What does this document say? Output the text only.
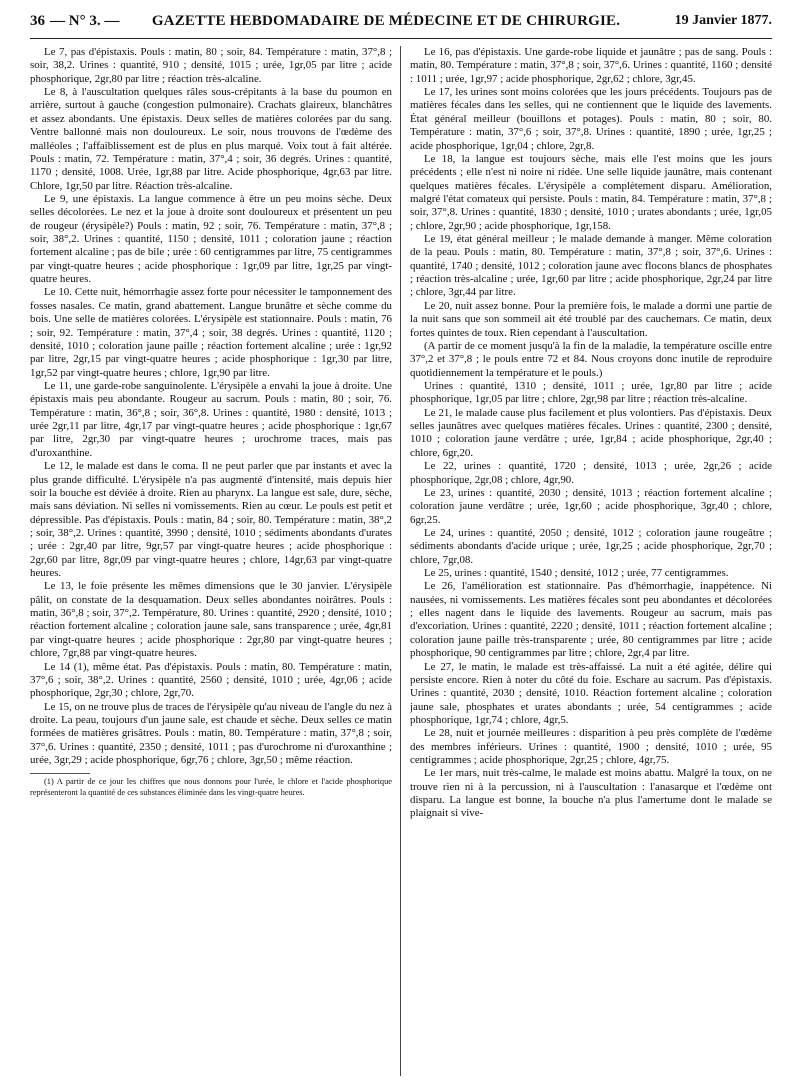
36 — N° 3. —	GAZETTE HEBDOMADAIRE DE MÉDECINE ET DE CHIRURGIE.	19 Janvier 1877.

Le 7, pas d'épistaxis. Pouls : matin, 80 ; soir, 84. Température : matin, 37°,8 ; soir, 38,2. Urines : quantité, 910 ; densité, 1015 ; urée, 1gr,05 par litre ; acide phosphorique, 2gr,80 par litre ; réaction très-alcaline.

Le 8, à l'auscultation quelques râles sous-crépitants à la base du poumon en arrière, surtout à gauche (congestion pulmonaire). Crachats glaireux, blanchâtres et assez abondants. Une épistaxis. Deux selles de matières colorées par du sang. Ventre ballonné mais non douloureux. Le soir, nous trouvons de l'œdème des malléoles ; l'affaiblissement est de plus en plus marqué. Voix tout à fait altérée. Pouls : matin, 72. Température : matin, 37°,4 ; soir, 36 degrés. Urines : quantité, 1170 ; densité, 1008. Urée, 1gr,88 par litre. Acide phosphorique, 4gr,63 par litre. Chlore, 1gr,50 par litre. Réaction très-alcaline.

Le 9, une épistaxis. La langue commence à être un peu moins sèche. Deux selles décolorées. Le nez et la joue à droite sont douloureux et présentent un peu de rougeur (érysipèle?) Pouls : matin, 92 ; soir, 76. Température : matin, 37°,8 ; soir, 38°,2. Urines : quantité, 1150 ; densité, 1011 ; coloration jaune ; réaction fortement alcaline ; pas de bile ; urée : 60 centigrammes par litre, 75 centigrammes par vingt-quatre heures ; acide phosphorique : 1gr,09 par litre, 1gr,25 par vingt-quatre heures.

Le 10. Cette nuit, hémorrhagie assez forte pour nécessiter le tamponnement des fosses nasales. Ce matin, grand abattement. Langue brunâtre et sèche comme du bois. Une selle de matières colorées. L'érysipèle est stationnaire. Pouls : matin, 76 ; soir, 92. Température : matin, 37°,4 ; soir, 38 degrés. Urines : quantité, 1120 ; densité, 1010 ; coloration jaune paille ; réaction fortement alcaline ; urée : 1gr,92 par litre, 2gr,15 par vingt-quatre heures ; acide phosphorique : 1gr,30 par litre, 1gr,52 par vingt-quatre heures ; chlore, 1gr,90 par litre.

Le 11, une garde-robe sanguinolente. L'érysipèle a envahi la joue à droite. Une épistaxis mais peu abondante. Rougeur au sacrum. Pouls : matin, 80 ; soir, 76. Température : matin, 36°,8 ; soir, 36°,8. Urines : quantité, 1980 : densité, 1013 ; urée 2gr,11 par litre, 4gr,17 par vingt-quatre heures ; acide phosphorique : 1gr,67 par litre, 2gr,30 par vingt-quatre heures ; urochrome traces, mais pas d'uroxanthine.

Le 12, le malade est dans le coma. Il ne peut parler que par instants et avec la plus grande difficulté. L'érysipèle n'a pas augmenté d'intensité, mais depuis hier soir la bouche est déviée à droite. Rien au pharynx. La langue est sale, dure, sèche, mais sans déviation. Ni selles ni vomissements. Rien au cœur. Le pouls est petit et dépressible. Pas d'épistaxis. Pouls : matin, 84 ; soir, 80. Température : matin, 38°,2 ; soir, 38°,2. Urines : quantité, 3990 ; densité, 1010 ; sédiments abondants d'urates ; urée : 2gr,40 par litre, 9gr,57 par vingt-quatre heures ; acide phosphorique : 2gr,60 par litre, 8gr,09 par vingt-quatre heures ; chlore, 14gr,63 par vingt-quatre heures.

Le 13, le foie présente les mêmes dimensions que le 30 janvier. L'érysipèle pâlit, on constate de la desquamation. Deux selles abondantes noirâtres. Pouls : matin, 36°,8 ; soir, 37°,2. Température, 80. Urines : quantité, 2920 ; densité, 1010 ; réaction fortement alcaline ; coloration jaune sale, sans transparence ; urée, 4gr,81 par vingt-quatre heures ; acide phosphorique : 2gr,80 par vingt-quatre heures ; chlore, 7gr,88 par vingt-quatre heures.

Le 14 (1), même état. Pas d'épistaxis. Pouls : matin, 80. Température : matin, 37°,6 ; soir, 38°,2. Urines : quantité, 2560 ; densité, 1010 ; urée, 4gr,06 ; acide phosphorique, 2gr,30 ; chlore, 2gr,70.

Le 15, on ne trouve plus de traces de l'érysipèle qu'au niveau de l'angle du nez à droite. La peau, toujours d'un jaune sale, est chaude et sèche. Deux selles ce matin formées de matières grisâtres. Pouls : matin, 80. Température : matin, 37°,8 ; soir, 37°,6. Urines : quantité, 2350 ; densité, 1011 ; pas d'urochrome ni d'uroxanthine ; urée, 3gr,29 ; acide phosphorique, 6gr,76 ; chlore, 3gr,50 ; même réaction.

(1) A partir de ce jour les chiffres que nous donnons pour l'urée, le chlore et l'acide phosphorique représenteront la quantité de ces substances éliminée dans les vingt-quatre heures.

Le 16, pas d'épistaxis. Une garde-robe liquide et jaunâtre ; pas de sang. Pouls : matin, 80. Température : matin, 37°,8 ; soir, 37°,6. Urines : quantité, 1160 ; densité : 1011 ; urée, 1gr,97 ; acide phosphorique, 2gr,62 ; chlore, 3gr,45.

Le 17, les urines sont moins colorées que les jours précédents. Toujours pas de matières fécales dans les selles, qui ne contiennent que le liquide des lavements. État général meilleur (bouillons et potages). Pouls : matin, 80 ; soir, 80. Température : matin, 37°,6 ; soir, 37°,8. Urines : quantité, 1890 ; urée, 1gr,25 ; acide phosphorique, 1gr,04 ; chlore, 2gr,8.

Le 18, la langue est toujours sèche, mais elle l'est moins que les jours précédents ; elle n'est ni noire ni ridée. Une selle liquide jaunâtre, mais contenant quelques matières fécales. L'érysipèle a complètement disparu. Amélioration, malgré l'état comateux qui persiste. Pouls : matin, 84. Température : matin, 37°,8 ; soir, 37°,8. Urines : quantité, 1830 ; densité, 1010 ; urates abondants ; urée, 1gr,05 ; chlore, 2gr,90 ; acide phosphorique, 1gr,158.

Le 19, état général meilleur ; le malade demande à manger. Même coloration de la peau. Pouls : matin, 80. Température : matin, 37°,8 ; soir, 37°,6. Urines : quantité, 1740 ; densité, 1012 ; coloration jaune avec flocons blancs de phosphates ; réaction très-alcaline ; urée, 1gr,60 par litre ; acide phosphorique, 2gr,24 par litre ; chlore, 3gr,44 par litre.

Le 20, nuit assez bonne. Pour la première fois, le malade a dormi une partie de la nuit sans que son sommeil ait été troublé par des cauchemars. Ce matin, deux fortes quintes de toux. Rien cependant à l'auscultation.

(A partir de ce moment jusqu'à la fin de la maladie, la température oscille entre 37°,2 et 37°,8 ; le pouls entre 72 et 84. Nous croyons donc inutile de reproduire quotidiennement la température et le pouls.)

Urines : quantité, 1310 ; densité, 1011 ; urée, 1gr,80 par litre ; acide phosphorique, 1gr,05 par litre ; chlore, 2gr,98 par litre ; réaction très-alcaline.

Le 21, le malade cause plus facilement et plus volontiers. Pas d'épistaxis. Deux selles jaunâtres avec quelques matières fécales. Urines : quantité, 2300 ; densité, 1010 ; coloration jaune verdâtre ; urée, 1gr,84 ; acide phosphorique, 2gr,40 ; chlore, 6gr,20.

Le 22, urines : quantité, 1720 ; densité, 1013 ; urée, 2gr,26 ; acide phosphorique, 2gr,08 ; chlore, 4gr,90.

Le 23, urines : quantité, 2030 ; densité, 1013 ; réaction fortement alcaline ; coloration jaune verdâtre ; urée, 1gr,60 ; acide phosphorique, 3gr,40 ; chlore, 6gr,25.

Le 24, urines : quantité, 2050 ; densité, 1012 ; coloration jaune rougeâtre ; sédiments abondants d'acide urique ; urée, 1gr,25 ; acide phosphorique, 2gr,70 ; chlore, 7gr,08.

Le 25, urines : quantité, 1540 ; densité, 1012 ; urée, 77 centigrammes.

Le 26, l'amélioration est stationnaire. Pas d'hémorrhagie, inappétence. Ni nausées, ni vomissements. Les matières fécales sont peu abondantes et décolorées ; elles nagent dans le liquide des lavements. Rougeur au sacrum, mais pas d'excoriation. Urines : quantité, 2220 ; densité, 1011 ; réaction fortement alcaline ; coloration jaune paille très-transparente ; urée, 80 centigrammes par litre ; acide phosphorique, 90 centigrammes par litre ; chlore, 2gr,4 par litre.

Le 27, le matin, le malade est très-affaissé. La nuit a été agitée, délire qui persiste encore. Rien à noter du côté du foie. Eschare au sacrum. Pas d'épistaxis. Urines : quantité, 2030 ; densité, 1010. Réaction fortement alcaline ; coloration jaune sale, phosphates et urates abondants ; urée, 54 centigrammes ; acide phosphorique, 1gr,74 ; chlore, 4gr,5.

Le 28, nuit et journée meilleures : disparition à peu près complète de l'œdème des membres inférieurs. Urines : quantité, 1900 ; densité, 1010 ; urée, 95 centigrammes ; acide phosphorique, 2gr,25 ; chlore, 4gr,75.

Le 1er mars, nuit très-calme, le malade est moins abattu. Malgré la toux, on ne trouve rien ni à la percussion, ni à l'auscultation : l'anasarque et l'œdème ont disparu. La langue est bonne, la bouche n'a plus l'amertume dont le malade se plaignait si vive-
